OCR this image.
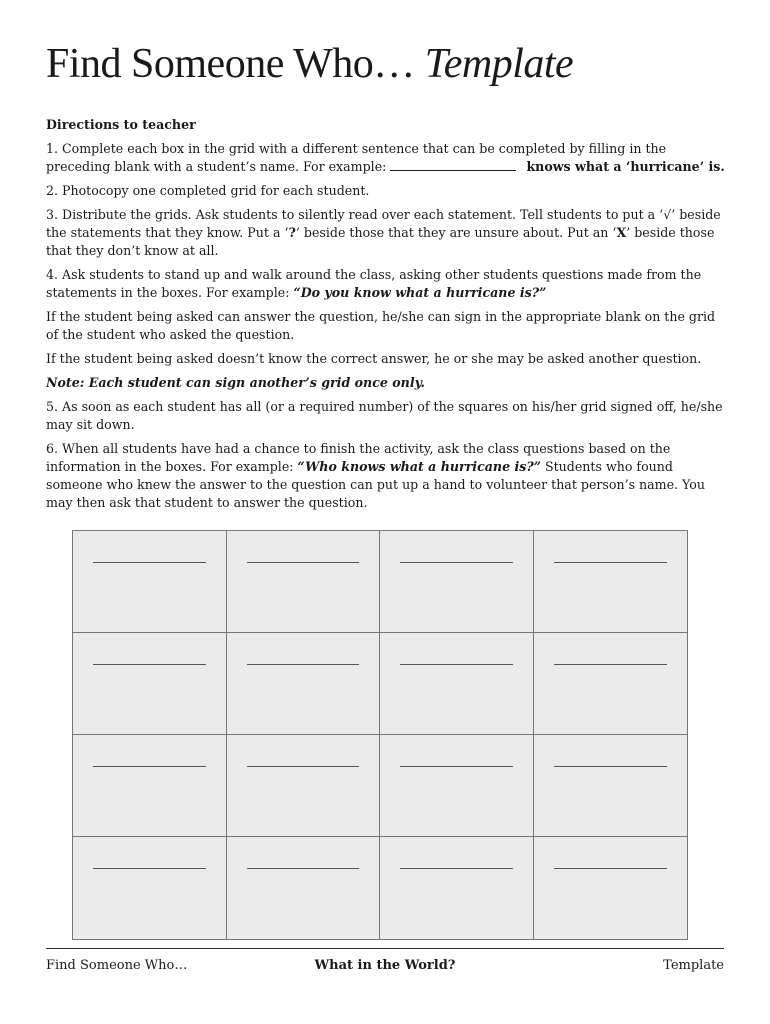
Find Someone Who… Template

Directions to teacher

1. Complete each box in the grid with a different sentence that can be completed by filling in the preceding blank with a student’s name. For example:	knows what a ‘hurricane’ is.

2. Photocopy one completed grid for each student.

3. Distribute the grids. Ask students to silently read over each statement. Tell students to put a ‘√’ beside the statements that they know. Put a ‘?’ beside those that they are unsure about. Put an ‘X’ beside those that they don’t know at all.

4. Ask students to stand up and walk around the class, asking other students questions made from the statements in the boxes. For example: “Do you know what a hurricane is?”

If the student being asked can answer the question, he/she can sign in the appropriate blank on the grid of the student who asked the question.

If the student being asked doesn’t know the correct answer, he or she may be asked another question.

Note: Each student can sign another’s grid once only.

5. As soon as each student has all (or a required number) of the squares on his/her grid signed off, he/she may sit down.

6. When all students have had a chance to finish the activity, ask the class questions based on the information in the boxes. For example: “Who knows what a hurricane is?” Students who found someone who knew the answer to the question can put up a hand to volunteer that person’s name. You may then ask that student to answer the question.

Find Someone Who…	What in the World?	Template
